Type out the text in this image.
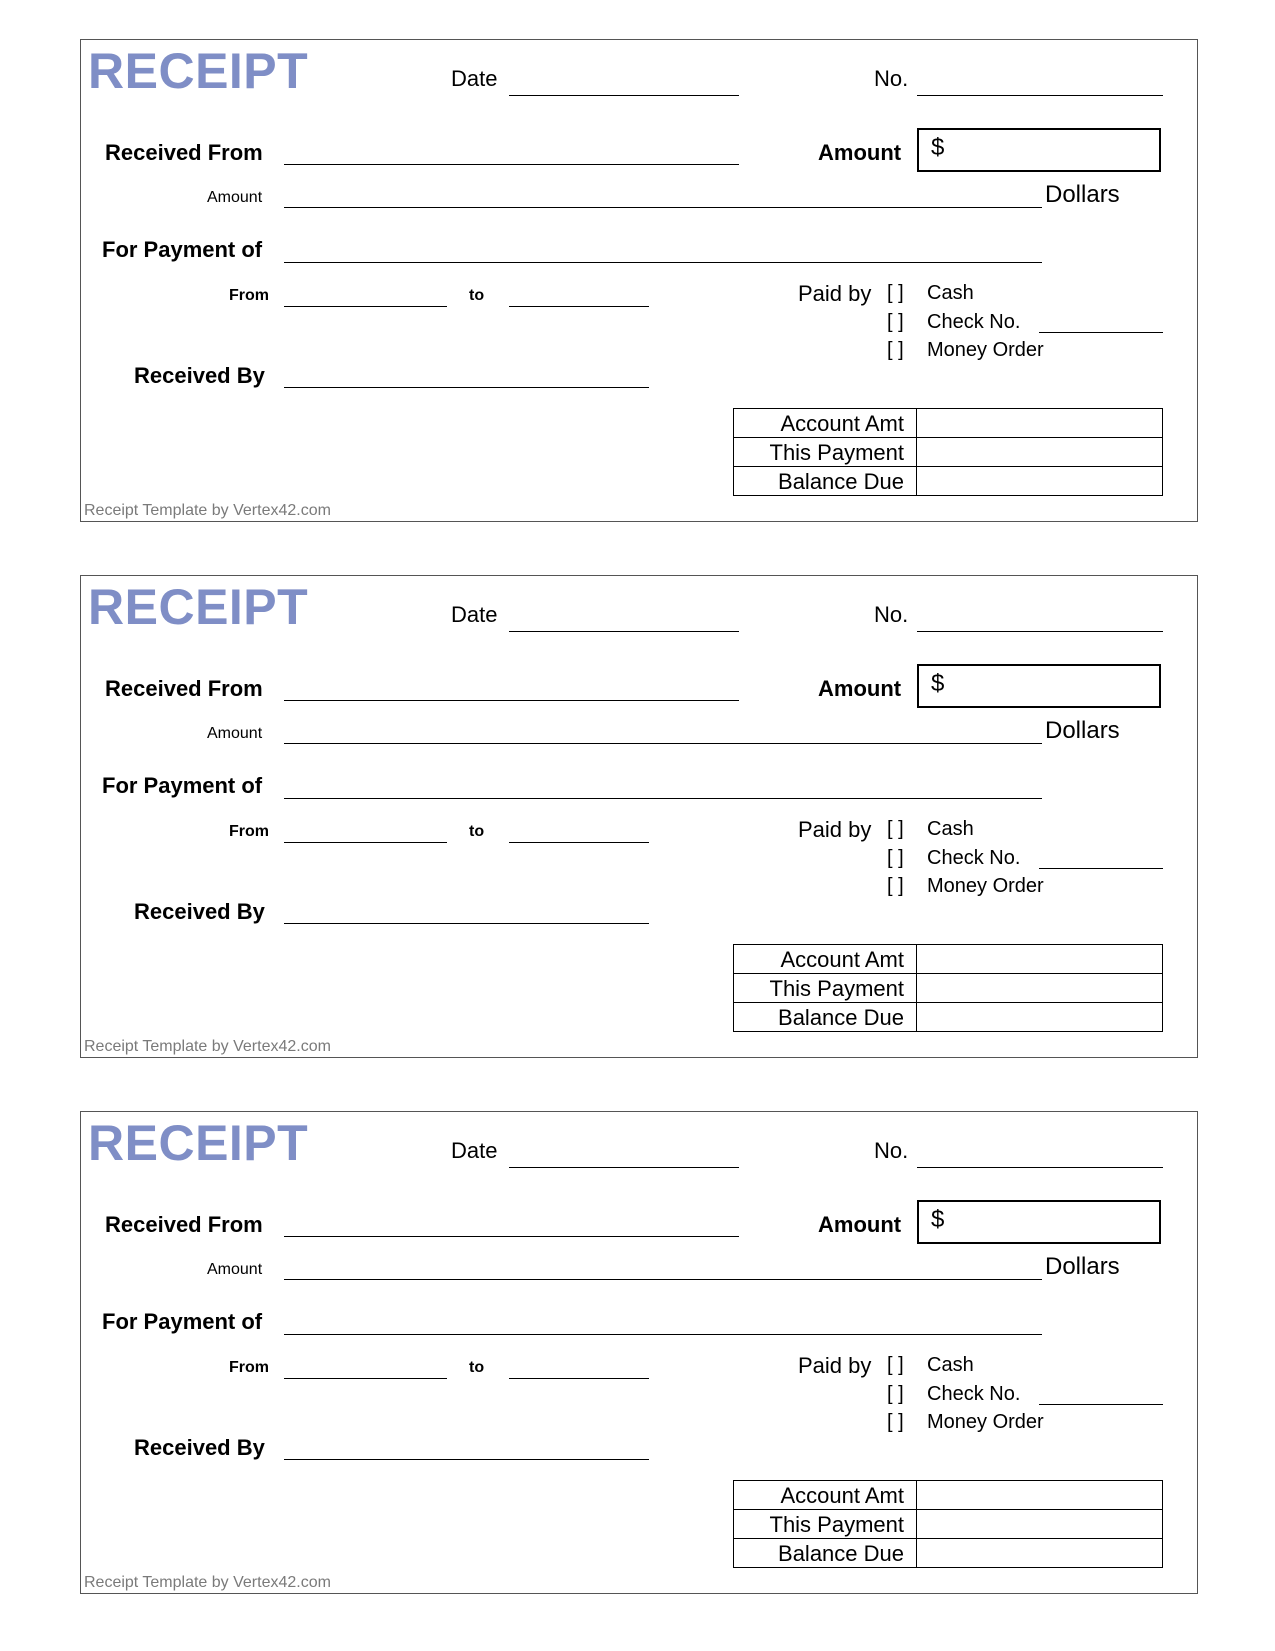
RECEIPT	Date	No.
Received From	Amount $
Amount	Dollars
For Payment of
From	to	Paid by [ ] Cash
[ ] Check No.
[ ] Money Order
Received By
Account Amt
This Payment
Balance Due
Receipt Template by Vertex42.com
RECEIPT	Date	No.
Received From	Amount $
Amount	Dollars
For Payment of
From	to	Paid by [ ] Cash
[ ] Check No.
[ ] Money Order
Received By
Account Amt
This Payment
Balance Due
Receipt Template by Vertex42.com
RECEIPT	Date	No.
Received From	Amount $
Amount	Dollars
For Payment of
From	to	Paid by [ ] Cash
[ ] Check No.
[ ] Money Order
Received By
Account Amt
This Payment
Balance Due
Receipt Template by Vertex42.com
